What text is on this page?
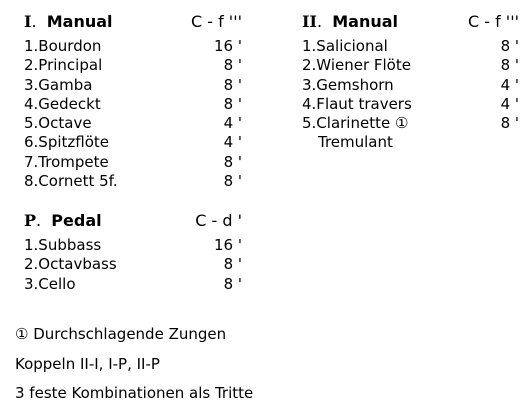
I.  Manual	C - f '''
1.Bourdon	16 '
2.Principal	8 '
3.Gamba	8 '
4.Gedeckt	8 '
5.Octave	4 '
6.Spitzflöte	4 '
7.Trompete	8 '
8.Cornett 5f.	8 '
II.  Manual	C - f '''
1.Salicional	8 '
2.Wiener Flöte	8 '
3.Gemshorn	4 '
4.Flaut travers	4 '
5.Clarinette ①	8 '
Tremulant
P.  Pedal	C - d '
1.Subbass	16 '
2.Octavbass	8 '
3.Cello	8 '
① Durchschlagende Zungen
Koppeln II-I, I-P, II-P
3 feste Kombinationen als Tritte
